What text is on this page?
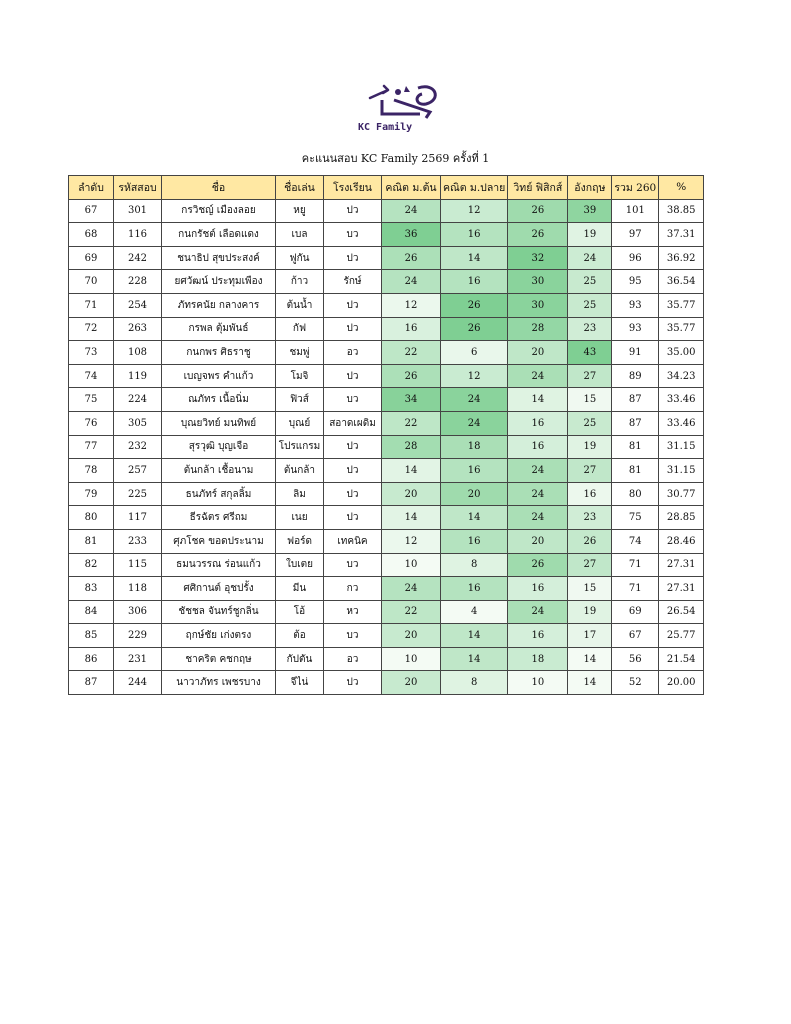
KC Family
คะแนนสอบ KC Family 2569 ครั้งที่ 1
ลำดับ	รหัสสอบ	ชื่อ	ชื่อเล่น	โรงเรียน	คณิต ม.ต้น	คณิต ม.ปลาย	วิทย์ ฟิสิกส์	อังกฤษ	รวม 260	%
67	301	กรวิชญ์ เมืองลอย	หยู	ปว	24	12	26	39	101	38.85
68	116	กนกรัชต์ เลือดแดง	เบล	บว	36	16	26	19	97	37.31
69	242	ชนาธิป สุขประสงค์	ฟูกัน	ปว	26	14	32	24	96	36.92
70	228	ยศวัฒน์ ประทุมเพือง	ก้าว	รักษ์	24	16	30	25	95	36.54
71	254	ภัทรคนัย กลางคาร	ต้นน้ำ	ปว	12	26	30	25	93	35.77
72	263	กรพล ตุ้มพันธ์	กัฟ	ปว	16	26	28	23	93	35.77
73	108	กนกพร ศิธราชู	ชมพู่	อว	22	6	20	43	91	35.00
74	119	เบญจพร คำแก้ว	โมจิ	ปว	26	12	24	27	89	34.23
75	224	ณภัทร เนื้อนิ่ม	ฟิวส์	บว	34	24	14	15	87	33.46
76	305	บุณยวิทย์ มนทิพย์	บุณย์	สอาดเผดิม	22	24	16	25	87	33.46
77	232	สุรวุฒิ บุญเจือ	โปรแกรม	ปว	28	18	16	19	81	31.15
78	257	ต้นกล้า เชื้อนาม	ต้นกล้า	ปว	14	16	24	27	81	31.15
79	225	ธนภัทร์ สกุลลิ้ม	ลิม	ปว	20	20	24	16	80	30.77
80	117	ธีรฉัตร ศรีถม	เนย	ปว	14	14	24	23	75	28.85
81	233	ศุภโชค ขอดประนาม	ฟอร์ด	เทคนิค	12	16	20	26	74	28.46
82	115	ธมนวรรณ ร่อนแก้ว	ใบเตย	บว	10	8	26	27	71	27.31
83	118	ศศิกานต์ อุชปรั้ง	มีน	กว	24	16	16	15	71	27.31
84	306	ชัชชล จันทร์ชูกลิ่น	โอ้	หว	22	4	24	19	69	26.54
85	229	ฤกษ์ชัย เก่งตรง	ต้อ	บว	20	14	16	17	67	25.77
86	231	ชาคริต คชกฤษ	กัปตัน	อว	10	14	18	14	56	21.54
87	244	นาวาภัทร เพชรบาง	จีไน่	ปว	20	8	10	14	52	20.00
